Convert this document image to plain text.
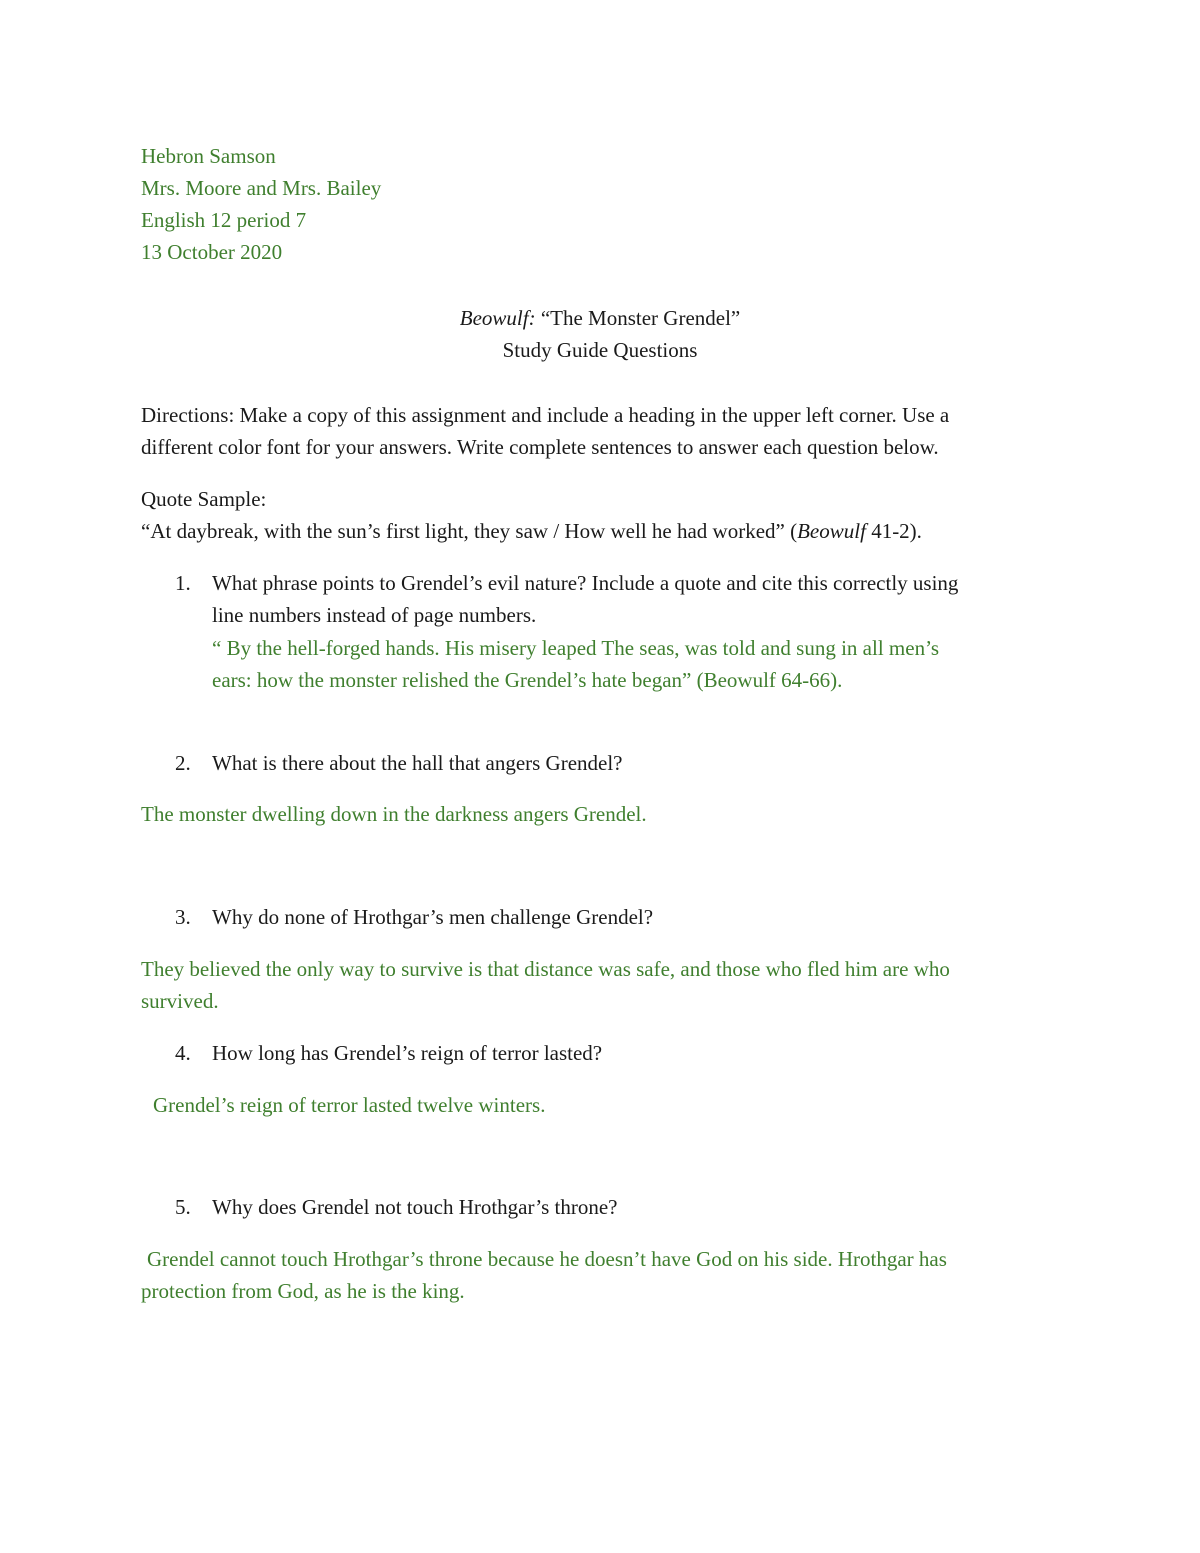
Hebron Samson
Mrs. Moore and Mrs. Bailey
English 12 period 7
13 October 2020
Beowulf: “The Monster Grendel”
Study Guide Questions
Directions: Make a copy of this assignment and include a heading in the upper left corner. Use a
different color font for your answers. Write complete sentences to answer each question below.
Quote Sample:
“At daybreak, with the sun’s first light, they saw / How well he had worked” (Beowulf 41-2).
1. What phrase points to Grendel’s evil nature? Include a quote and cite this correctly using
line numbers instead of page numbers.
“ By the hell-forged hands. His misery leaped The seas, was told and sung in all men’s
ears: how the monster relished the Grendel’s hate began” (Beowulf 64-66).
2. What is there about the hall that angers Grendel?
The monster dwelling down in the darkness angers Grendel.
3. Why do none of Hrothgar’s men challenge Grendel?
They believed the only way to survive is that distance was safe, and those who fled him are who
survived.
4. How long has Grendel’s reign of terror lasted?
Grendel’s reign of terror lasted twelve winters.
5. Why does Grendel not touch Hrothgar’s throne?
Grendel cannot touch Hrothgar’s throne because he doesn’t have God on his side. Hrothgar has
protection from God, as he is the king.
